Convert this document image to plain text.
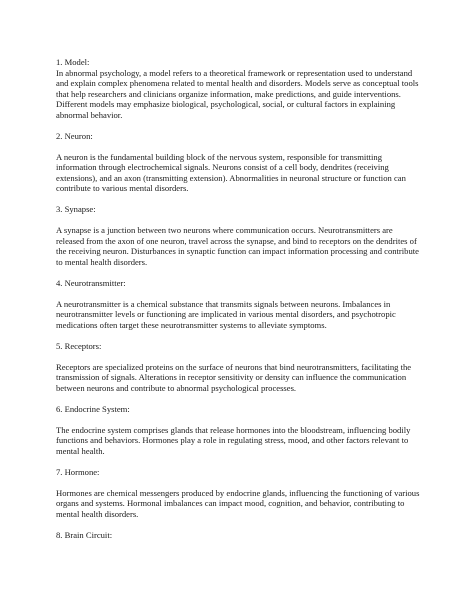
1. Model:

In abnormal psychology, a model refers to a theoretical framework or representation used to understand
and explain complex phenomena related to mental health and disorders. Models serve as conceptual tools
that help researchers and clinicians organize information, make predictions, and guide interventions.
Different models may emphasize biological, psychological, social, or cultural factors in explaining
abnormal behavior.

2. Neuron:

A neuron is the fundamental building block of the nervous system, responsible for transmitting
information through electrochemical signals. Neurons consist of a cell body, dendrites (receiving
extensions), and an axon (transmitting extension). Abnormalities in neuronal structure or function can
contribute to various mental disorders.

3. Synapse:

A synapse is a junction between two neurons where communication occurs. Neurotransmitters are
released from the axon of one neuron, travel across the synapse, and bind to receptors on the dendrites of
the receiving neuron. Disturbances in synaptic function can impact information processing and contribute
to mental health disorders.

4. Neurotransmitter:

A neurotransmitter is a chemical substance that transmits signals between neurons. Imbalances in
neurotransmitter levels or functioning are implicated in various mental disorders, and psychotropic
medications often target these neurotransmitter systems to alleviate symptoms.

5. Receptors:

Receptors are specialized proteins on the surface of neurons that bind neurotransmitters, facilitating the
transmission of signals. Alterations in receptor sensitivity or density can influence the communication
between neurons and contribute to abnormal psychological processes.

6. Endocrine System:

The endocrine system comprises glands that release hormones into the bloodstream, influencing bodily
functions and behaviors. Hormones play a role in regulating stress, mood, and other factors relevant to
mental health.

7. Hormone:

Hormones are chemical messengers produced by endocrine glands, influencing the functioning of various
organs and systems. Hormonal imbalances can impact mood, cognition, and behavior, contributing to
mental health disorders.

8. Brain Circuit:
